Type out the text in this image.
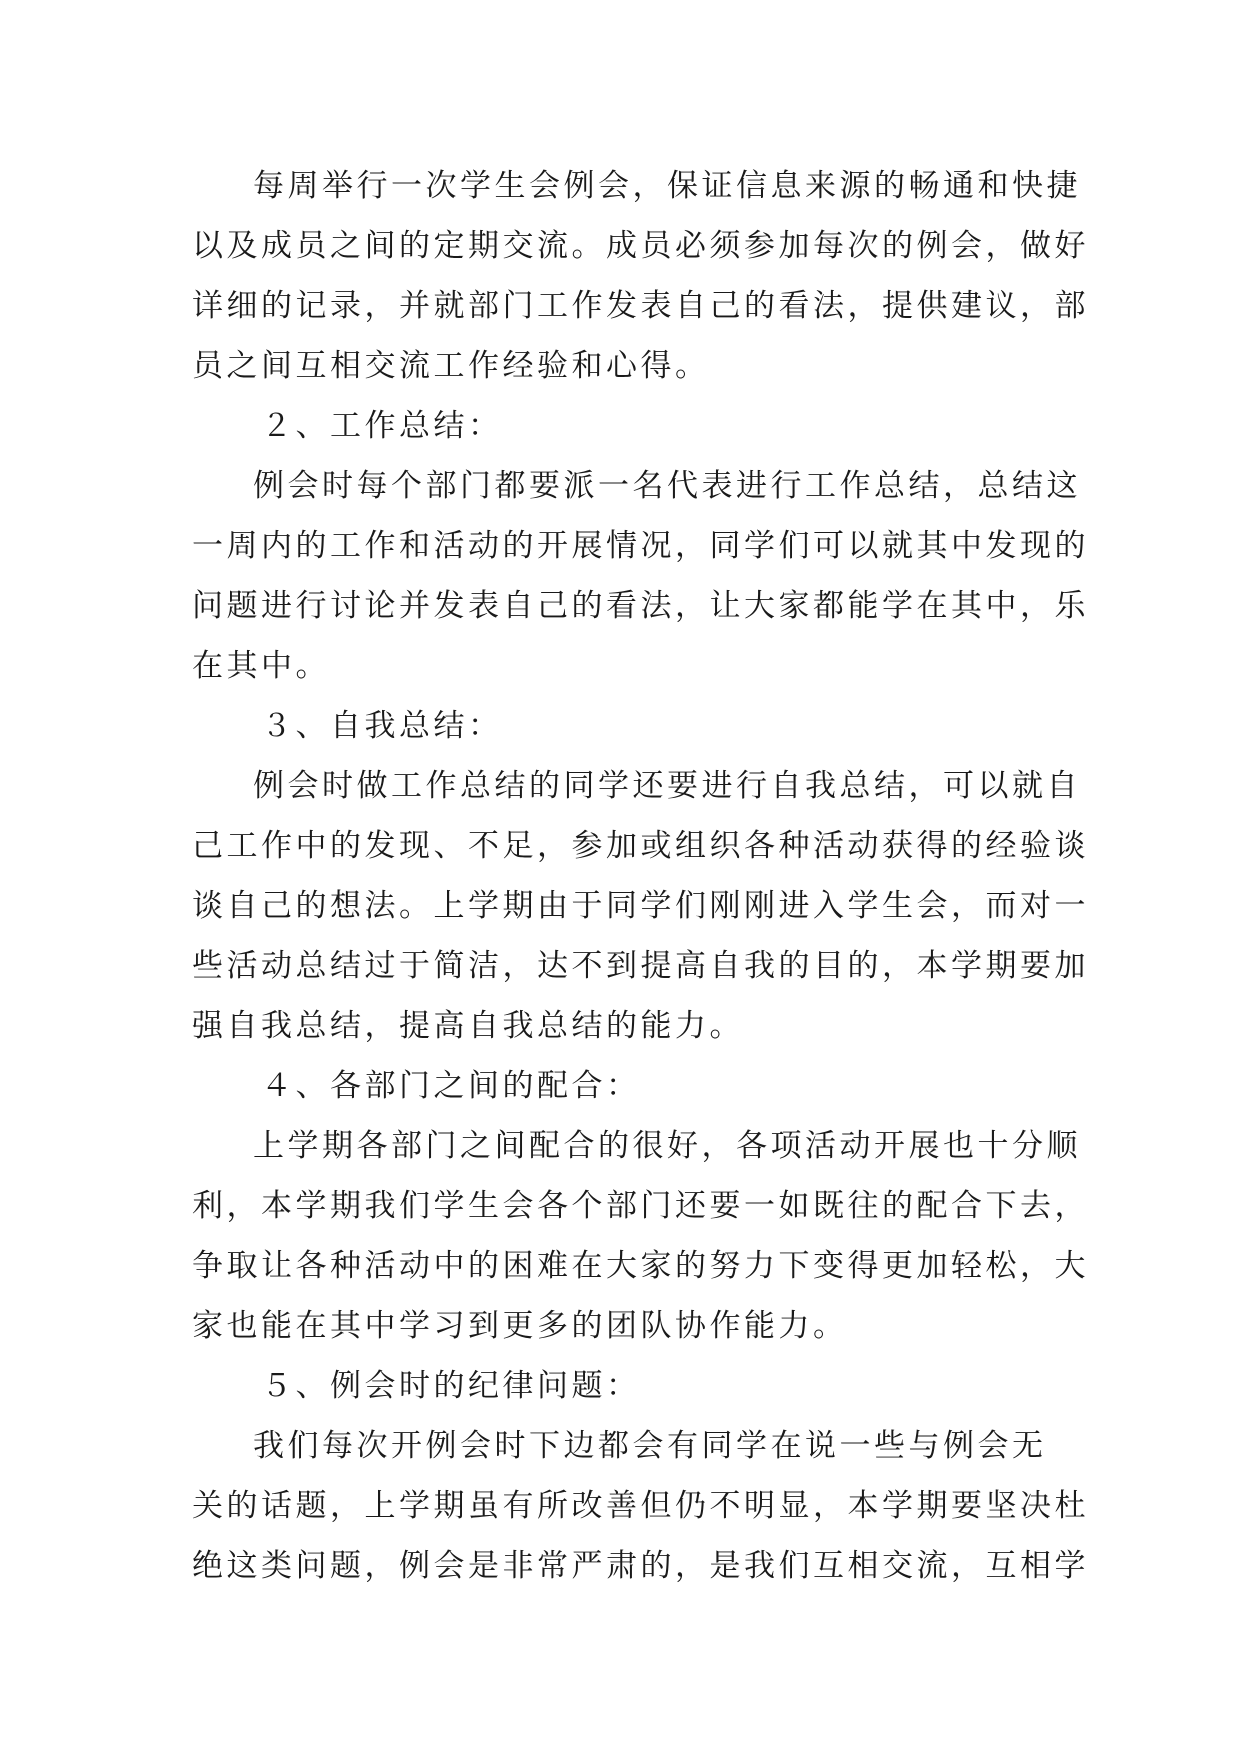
每周举行一次学生会例会，保证信息来源的畅通和快捷
以及成员之间的定期交流。成员必须参加每次的例会，做好
详细的记录，并就部门工作发表自己的看法，提供建议，部
员之间互相交流工作经验和心得。
２、工作总结：
例会时每个部门都要派一名代表进行工作总结，总结这
一周内的工作和活动的开展情况，同学们可以就其中发现的
问题进行讨论并发表自己的看法，让大家都能学在其中，乐
在其中。
３、自我总结：
例会时做工作总结的同学还要进行自我总结，可以就自
己工作中的发现、不足，参加或组织各种活动获得的经验谈
谈自己的想法。上学期由于同学们刚刚进入学生会，而对一
些活动总结过于简洁，达不到提高自我的目的，本学期要加
强自我总结，提高自我总结的能力。
４、各部门之间的配合：
上学期各部门之间配合的很好，各项活动开展也十分顺
利，本学期我们学生会各个部门还要一如既往的配合下去，
争取让各种活动中的困难在大家的努力下变得更加轻松，大
家也能在其中学习到更多的团队协作能力。
５、例会时的纪律问题：
我们每次开例会时下边都会有同学在说一些与例会无
关的话题，上学期虽有所改善但仍不明显，本学期要坚决杜
绝这类问题，例会是非常严肃的，是我们互相交流，互相学
